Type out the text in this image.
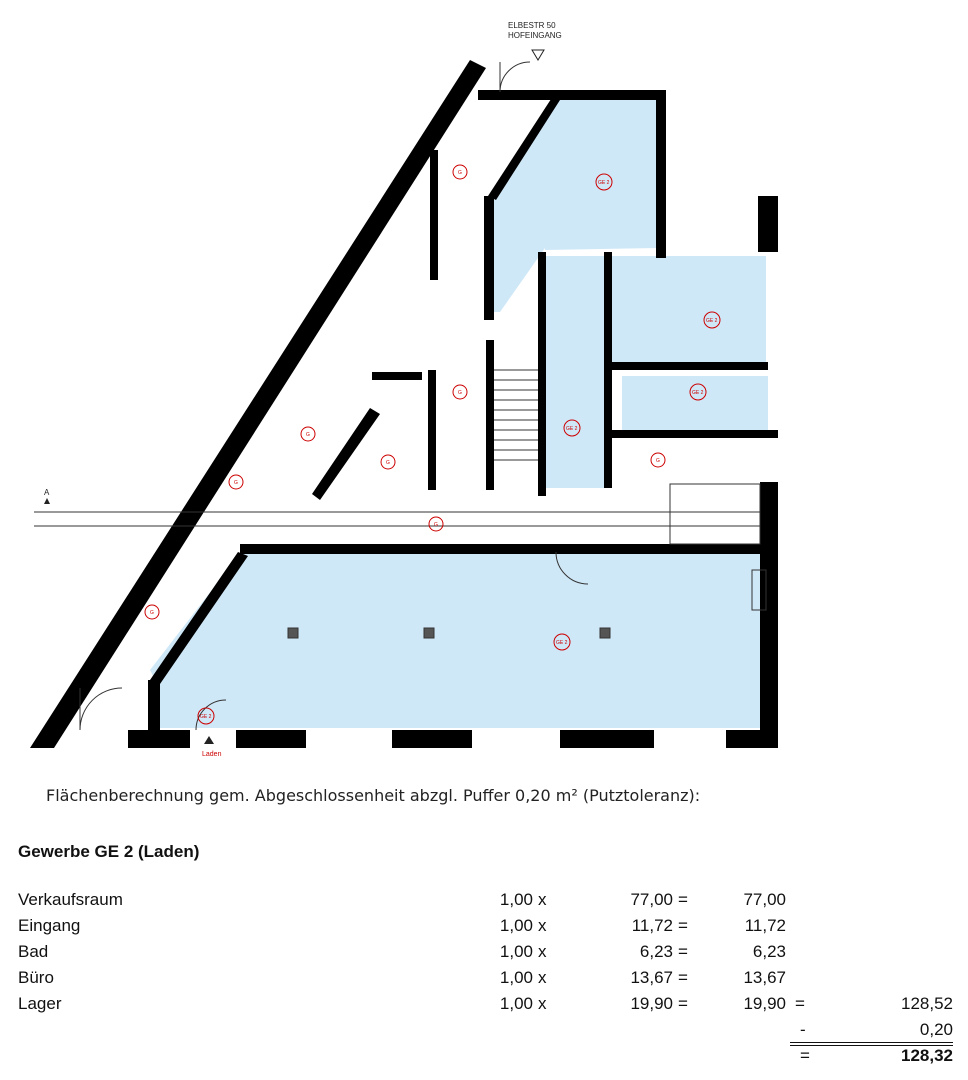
ELBESTR 50
HOFEINGANG
A
Laden
GE 2
GE 2
GE 2
GE 2
GE 2
GE 2
G
G
G
G
G
G
G
G
Flächenberechnung gem. Abgeschlossenheit abzgl. Puffer 0,20 m² (Putztoleranz):
Gewerbe GE 2 (Laden)
Verkaufsraum	1,00 x	77,00 =	77,00
Eingang	1,00 x	11,72 =	11,72
Bad	1,00 x	6,23 =	6,23
Büro	1,00 x	13,67 =	13,67
Lager	1,00 x	19,90 =	19,90 =	128,52
-	0,20
=	128,32
